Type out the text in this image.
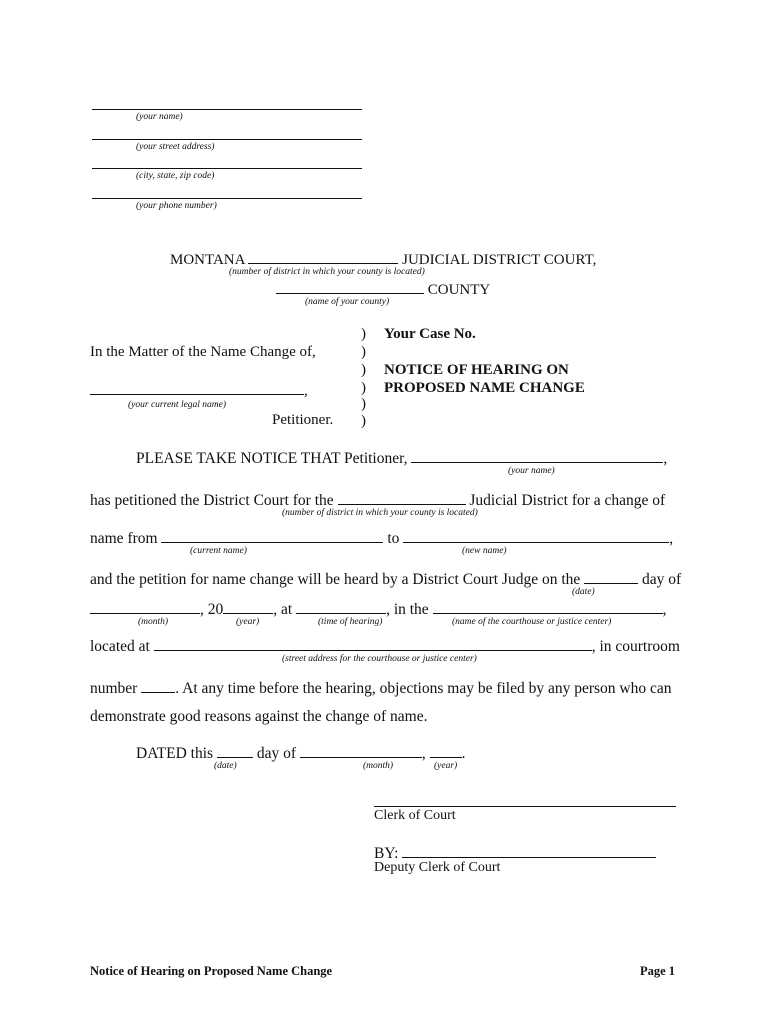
(your name)
(your street address)
(city, state, zip code)
(your phone number)
MONTANA	JUDICIAL DISTRICT COURT,
(number of district in which your county is located)
COUNTY
(name of your county)
)
)
)
)
)
)
In the Matter of the Name Change of,
,
(your current legal name)
Petitioner.
Your Case No.
NOTICE OF HEARING ON
PROPOSED NAME CHANGE
PLEASE TAKE NOTICE THAT Petitioner,	,
(your name)
has petitioned the District Court for the	Judicial District for a change of
(number of district in which your county is located)
name from	to	,
(current name)	(new name)
and the petition for name change will be heard by a District Court Judge on the	day of
(date)
, 20	, at	, in the	,
(month)	(year)	(time of hearing)	(name of the courthouse or justice center)
located at	, in courtroom
(street address for the courthouse or justice center)
number . At any time before the hearing, objections may be filed by any person who can
demonstrate good reasons against the change of name.
DATED this	day of	, .
(date)	(month)	(year)
Clerk of Court
BY:
Deputy Clerk of Court
Notice of Hearing on Proposed Name Change	Page 1
